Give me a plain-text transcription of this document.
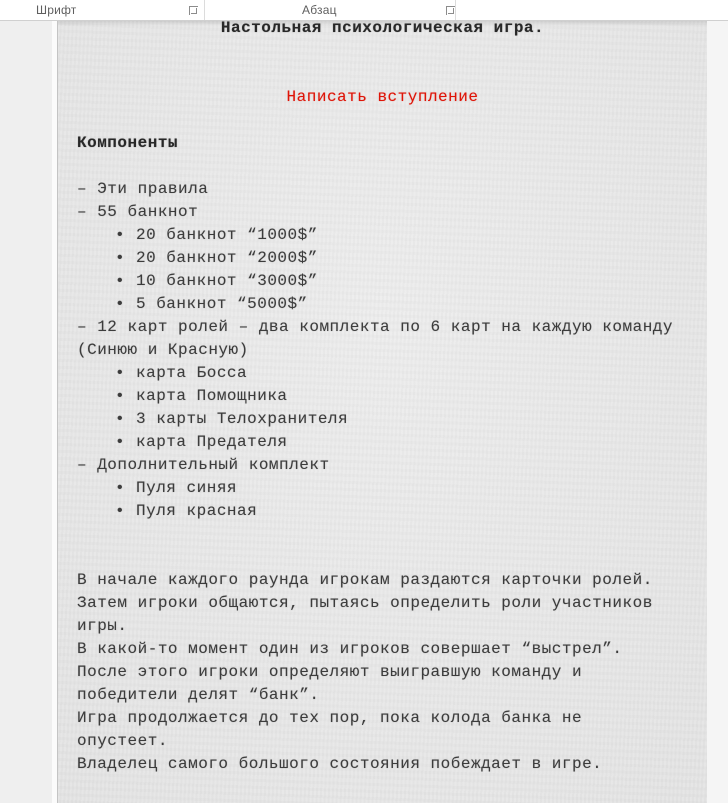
Шрифт	Абзац
Настольная психологическая игра.
Написать вступление
Компоненты
– Эти правила
– 55 банкнот
• 20 банкнот “1000$”
• 20 банкнот “2000$”
• 10 банкнот “3000$”
• 5 банкнот “5000$”
– 12 карт ролей – два комплекта по 6 карт на каждую команду
(Синюю и Красную)
• карта Босса
• карта Помощника
• 3 карты Телохранителя
• карта Предателя
– Дополнительный комплект
• Пуля синяя
• Пуля красная
В начале каждого раунда игрокам раздаются карточки ролей.
Затем игроки общаются, пытаясь определить роли участников
игры.
В какой-то момент один из игроков совершает “выстрел”.
После этого игроки определяют выигравшую команду и
победители делят “банк”.
Игра продолжается до тех пор, пока колода банка не
опустеет.
Владелец самого большого состояния побеждает в игре.
